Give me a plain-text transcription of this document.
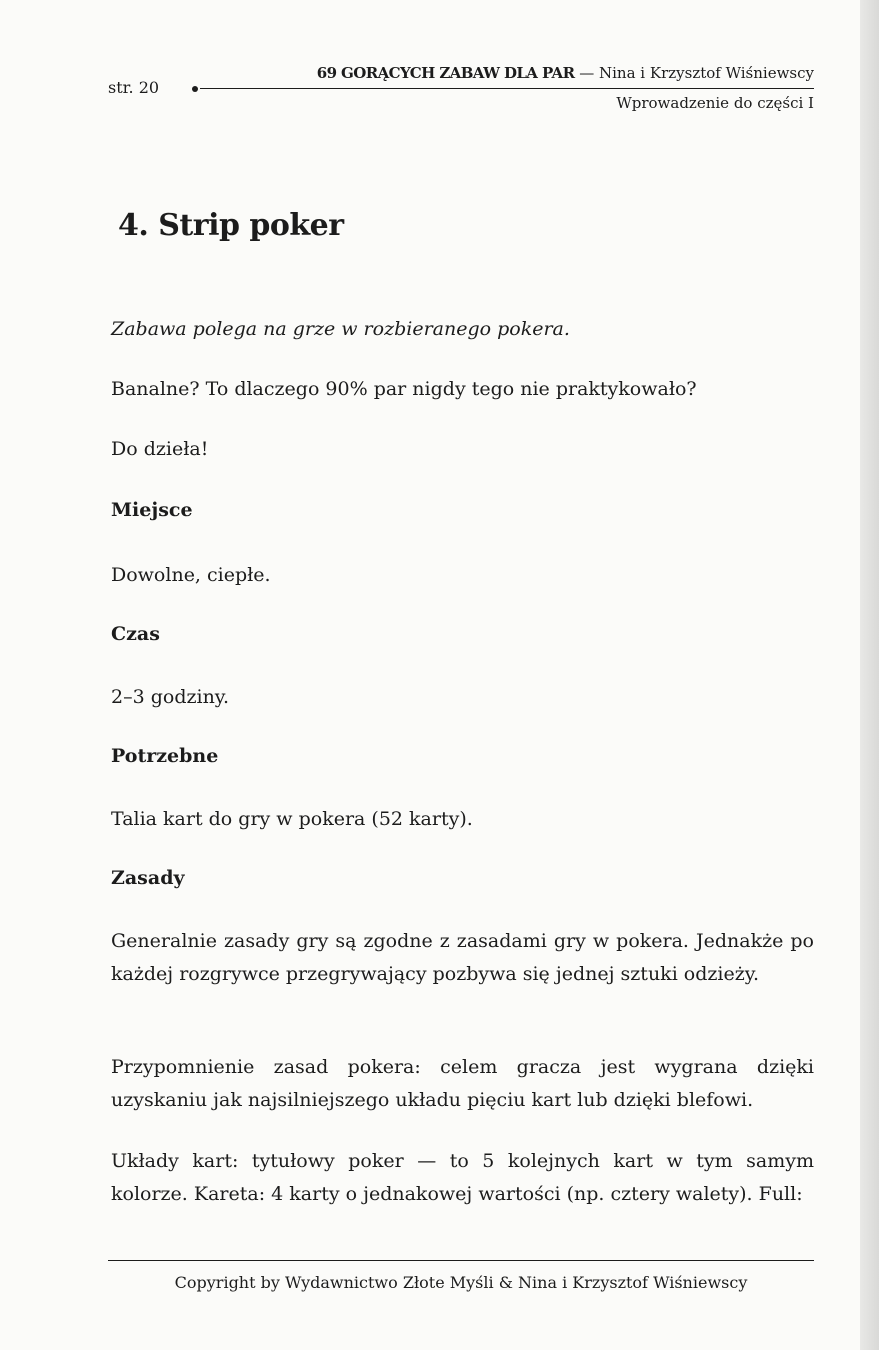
str. 20
69 GORĄCYCH ZABAW DLA PAR — Nina i Krzysztof Wiśniewscy
Wprowadzenie do części I
4. Strip poker

Zabawa polega na grze w rozbieranego pokera.

Banalne? To dlaczego 90% par nigdy tego nie praktykowało?

Do dzieła!

Miejsce

Dowolne, ciepłe.

Czas

2–3 godziny.

Potrzebne

Talia kart do gry w pokera (52 karty).

Zasady

Generalnie zasady gry są zgodne z zasadami gry w pokera. Jednakże po każdej rozgrywce przegrywający pozbywa się jednej sztuki odzieży.

Przypomnienie zasad pokera: celem gracza jest wygrana dzięki uzyskaniu jak najsilniejszego układu pięciu kart lub dzięki blefowi.

Układy kart: tytułowy poker — to 5 kolejnych kart w tym samym kolorze. Kareta: 4 karty o jednakowej wartości (np. cztery walety). Full:

Copyright by Wydawnictwo Złote Myśli & Nina i Krzysztof Wiśniewscy
